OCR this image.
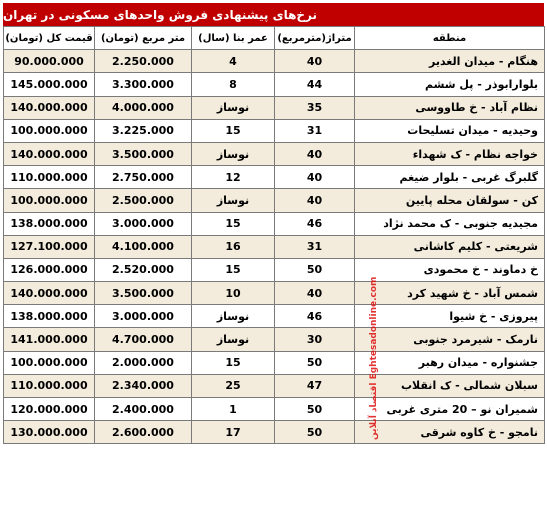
نرخ‌های پیشنهادی فروش واحدهای مسکونی در تهران
قیمت کل (تومان)	متر مربع (تومان)	عمر بنا (سال)	متراژ(مترمربع)	منطقه
90.000.000	2.250.000	4	40	هنگام - میدان الغدیر
145.000.000	3.300.000	8	44	بلوارابوذر - پل ششم
140.000.000	4.000.000	نوساز	35	نظام آباد - خ طاووسی
100.000.000	3.225.000	15	31	وحیدیه - میدان تسلیحات
140.000.000	3.500.000	نوساز	40	خواجه نظام - ک شهداء
110.000.000	2.750.000	12	40	گلبرگ غربی - بلوار ضیغم
100.000.000	2.500.000	نوساز	40	کن - سولقان محله پایین
138.000.000	3.000.000	15	46	مجیدیه جنوبی - ک محمد نژاد
127.100.000	4.100.000	16	31	شریعتی - کلیم کاشانی
126.000.000	2.520.000	15	50	خ دماوند - خ محمودی
140.000.000	3.500.000	10	40	شمس آباد - خ شهید کرد
138.000.000	3.000.000	نوساز	46	پیروزی - خ شیوا
141.000.000	4.700.000	نوساز	30	نارمک - شیرمرد جنوبی
100.000.000	2.000.000	15	50	جشنواره - میدان رهبر
110.000.000	2.340.000	25	47	سبلان شمالی - ک انقلاب
120.000.000	2.400.000	1	50	شمیران نو – 20 متری غربی
130.000.000	2.600.000	17	50	نامجو - خ کاوه شرقی
اقتصاد آنلاین Eghtesadonline.com
